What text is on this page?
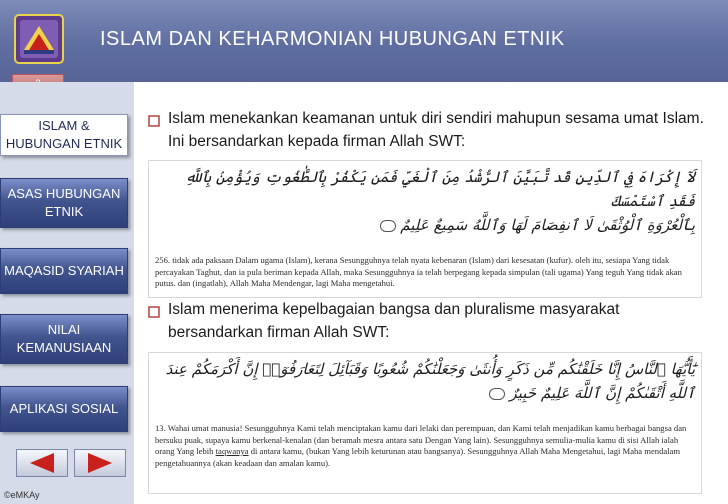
ISLAM DAN KEHARMONIAN HUBUNGAN ETNIK
ISLAM &
HUBUNGAN ETNIK
ASAS HUBUNGAN
ETNIK
MAQASID SYARIAH
NILAI
KEMANUSIAAN
APLIKASI SOSIAL
©eMKAy
Islam menekankan keamanan untuk diri sendiri mahupun sesama umat Islam. Ini bersandarkan kepada firman Allah SWT:
لَآ إِكْرَاهَ فِي ٱلدِّينِ قَد تَّبَيَّنَ ٱلرُّشْدُ مِنَ ٱلْغَيِّ فَمَن يَكْفُرْ بِٱلطَّٰغُوتِ وَيُؤْمِنۢ بِٱللَّهِ فَقَدِ ٱسْتَمْسَكَ
بِٱلْعُرْوَةِ ٱلْوُثْقَىٰ لَا ٱنفِصَامَ لَهَا وَٱللَّهُ سَمِيعٌ عَلِيمٌ
256. tidak ada paksaan Dalam ugama (Islam), kerana Sesungguhnya telah nyata kebenaran (Islam) dari kesesatan (kufur). oleh itu, sesiapa Yang tidak percayakan Taghut, dan ia pula beriman kepada Allah, maka Sesungguhnya ia telah berpegang kepada simpulan (tali ugama) Yang teguh Yang tidak akan putus. dan (ingatlah), Allah Maha Mendengar, lagi Maha mengetahui.
Islam menerima kepelbagaian bangsa dan pluralisme masyarakat bersandarkan firman Allah SWT:
يَٰٓأَيُّهَا ٱلنَّاسُ إِنَّا خَلَقْنَٰكُم مِّن ذَكَرٍ وَأُنثَىٰ وَجَعَلْنَٰكُمْ شُعُوبًا وَقَبَآئِلَ لِتَعَارَفُوٓا۟ إِنَّ أَكْرَمَكُمْ عِندَ
ٱللَّهِ أَتْقَىٰكُمْ إِنَّ ٱللَّهَ عَلِيمٌ خَبِيرٌ
13. Wahai umat manusia! Sesungguhnya Kami telah menciptakan kamu dari lelaki dan perempuan, dan Kami telah menjadikan kamu berbagai bangsa dan bersuku puak, supaya kamu berkenal-kenalan (dan beramah mesra antara satu Dengan Yang lain). Sesungguhnya semulia-mulia kamu di sisi Allah ialah orang Yang lebih taqwanya di antara kamu, (bukan Yang lebih keturunan atau bangsanya). Sesungguhnya Allah Maha Mengetahui, lagi Maha mendalam pengetahuannya (akan keadaan dan amalan kamu).
